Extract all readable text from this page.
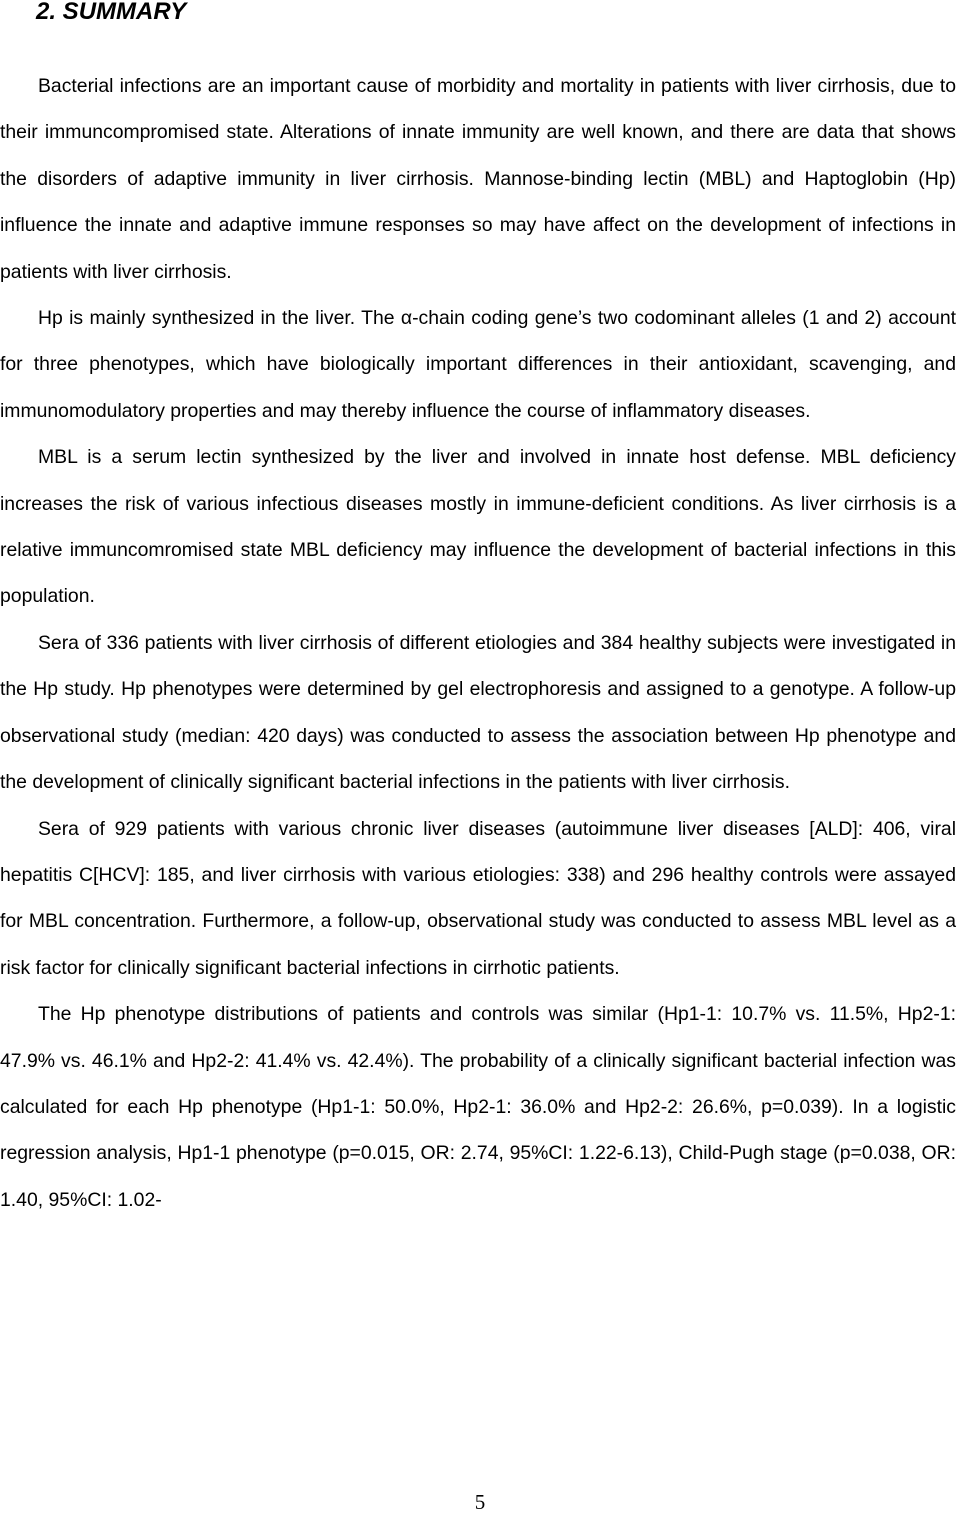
2. SUMMARY

Bacterial infections are an important cause of morbidity and mortality in patients with liver cirrhosis, due to their immuncompromised state. Alterations of innate immunity are well known, and there are data that shows the disorders of adaptive immunity in liver cirrhosis. Mannose-binding lectin (MBL) and Haptoglobin (Hp) influence the innate and adaptive immune responses so may have affect on the development of infections in patients with liver cirrhosis.

Hp is mainly synthesized in the liver. The α-chain coding gene’s two codominant alleles (1 and 2) account for three phenotypes, which have biologically important differences in their antioxidant, scavenging, and immunomodulatory properties and may thereby influence the course of inflammatory diseases.

MBL is a serum lectin synthesized by the liver and involved in innate host defense. MBL deficiency increases the risk of various infectious diseases mostly in immune-deficient conditions. As liver cirrhosis is a relative immuncomromised state MBL deficiency may influence the development of bacterial infections in this population.

Sera of 336 patients with liver cirrhosis of different etiologies and 384 healthy subjects were investigated in the Hp study. Hp phenotypes were determined by gel electrophoresis and assigned to a genotype. A follow-up observational study (median: 420 days) was conducted to assess the association between Hp phenotype and the development of clinically significant bacterial infections in the patients with liver cirrhosis.

Sera of 929 patients with various chronic liver diseases (autoimmune liver diseases [ALD]: 406, viral hepatitis C[HCV]: 185, and liver cirrhosis with various etiologies: 338) and 296 healthy controls were assayed for MBL concentration. Furthermore, a follow-up, observational study was conducted to assess MBL level as a risk factor for clinically significant bacterial infections in cirrhotic patients.

The Hp phenotype distributions of patients and controls was similar (Hp1-1: 10.7% vs. 11.5%, Hp2-1: 47.9% vs. 46.1% and Hp2-2: 41.4% vs. 42.4%). The probability of a clinically significant bacterial infection was calculated for each Hp phenotype (Hp1-1: 50.0%, Hp2-1: 36.0% and Hp2-2: 26.6%, p=0.039). In a logistic regression analysis, Hp1-1 phenotype (p=0.015, OR: 2.74, 95%CI: 1.22-6.13), Child-Pugh stage (p=0.038, OR: 1.40, 95%CI: 1.02-

5
